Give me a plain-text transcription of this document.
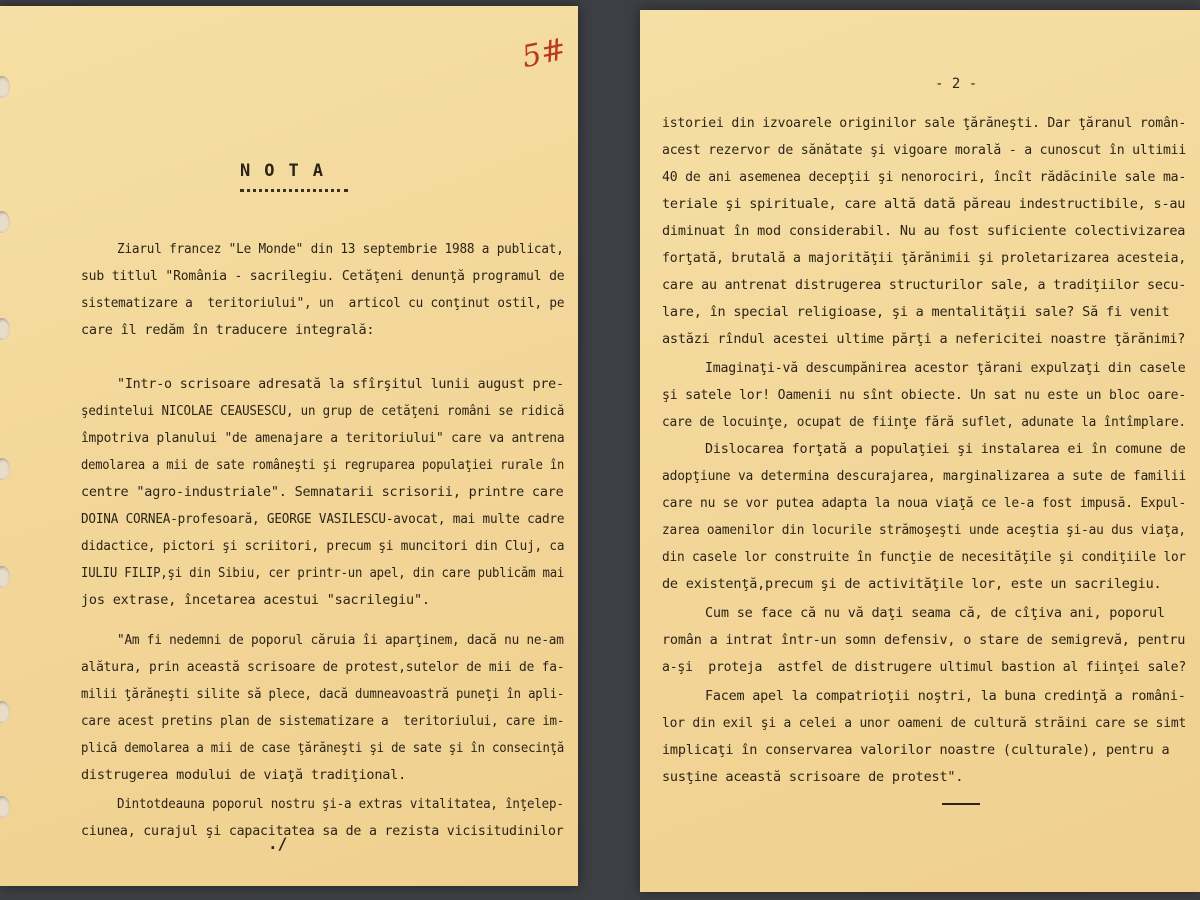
5#
NOTA
Ziarul francez "Le Monde" din 13 septembrie 1988 a publicat,
sub titlul "România - sacrilegiu. Cetăţeni denunţă programul de
sistematizare a  teritoriului", un  articol cu conţinut ostil, pe
care îl redăm în traducere integrală:
"Intr-o scrisoare adresată la sfîrşitul lunii august pre-
şedintelui NICOLAE CEAUSESCU, un grup de cetăţeni români se ridică
împotriva planului "de amenajare a teritoriului" care va antrena
demolarea a mii de sate româneşti şi regruparea populaţiei rurale în
centre "agro-industriale". Semnatarii scrisorii, printre care
DOINA CORNEA-profesoară, GEORGE VASILESCU-avocat, mai multe cadre
didactice, pictori şi scriitori, precum şi muncitori din Cluj, ca
IULIU FILIP,şi din Sibiu, cer printr-un apel, din care publicăm mai
jos extrase, încetarea acestui "sacrilegiu".
"Am fi nedemni de poporul căruia îi aparţinem, dacă nu ne-am
alătura, prin această scrisoare de protest,sutelor de mii de fa-
milii ţărăneşti silite să plece, dacă dumneavoastră puneţi în apli-
care acest pretins plan de sistematizare a  teritoriului, care im-
plică demolarea a mii de case ţărăneşti şi de sate şi în consecinţă
distrugerea modului de viaţă tradiţional.
Dintotdeauna poporul nostru şi-a extras vitalitatea, înţelep-
ciunea, curajul şi capacitatea sa de a rezista vicisitudinilor
./
- 2 -
istoriei din izvoarele originilor sale ţărăneşti. Dar ţăranul român-
acest rezervor de sănătate şi vigoare morală - a cunoscut în ultimii
40 de ani asemenea decepţii şi nenorociri, încît rădăcinile sale ma-
teriale şi spirituale, care altă dată păreau indestructibile, s-au
diminuat în mod considerabil. Nu au fost suficiente colectivizarea
forţată, brutală a majorităţii ţărănimii şi proletarizarea acesteia,
care au antrenat distrugerea structurilor sale, a tradiţiilor secu-
lare, în special religioase, şi a mentalităţii sale? Să fi venit
astăzi rîndul acestei ultime părţi a nefericitei noastre ţărănimi?
Imaginaţi-vă descumpănirea acestor ţărani expulzaţi din casele
şi satele lor! Oamenii nu sînt obiecte. Un sat nu este un bloc oare-
care de locuinţe, ocupat de fiinţe fără suflet, adunate la întîmplare.
Dislocarea forţată a populaţiei şi instalarea ei în comune de
adopţiune va determina descurajarea, marginalizarea a sute de familii
care nu se vor putea adapta la noua viaţă ce le-a fost impusă. Expul-
zarea oamenilor din locurile strămoşeşti unde aceştia şi-au dus viaţa,
din casele lor construite în funcţie de necesităţile şi condiţiile lor
de existenţă,precum şi de activităţile lor, este un sacrilegiu.
Cum se face că nu vă daţi seama că, de cîţiva ani, poporul
român a intrat într-un somn defensiv, o stare de semigrevă, pentru
a-şi  proteja  astfel de distrugere ultimul bastion al fiinţei sale?
Facem apel la compatrioţii noştri, la buna credinţă a români-
lor din exil şi a celei a unor oameni de cultură străini care se simt
implicaţi în conservarea valorilor noastre (culturale), pentru a
susţine această scrisoare de protest".
